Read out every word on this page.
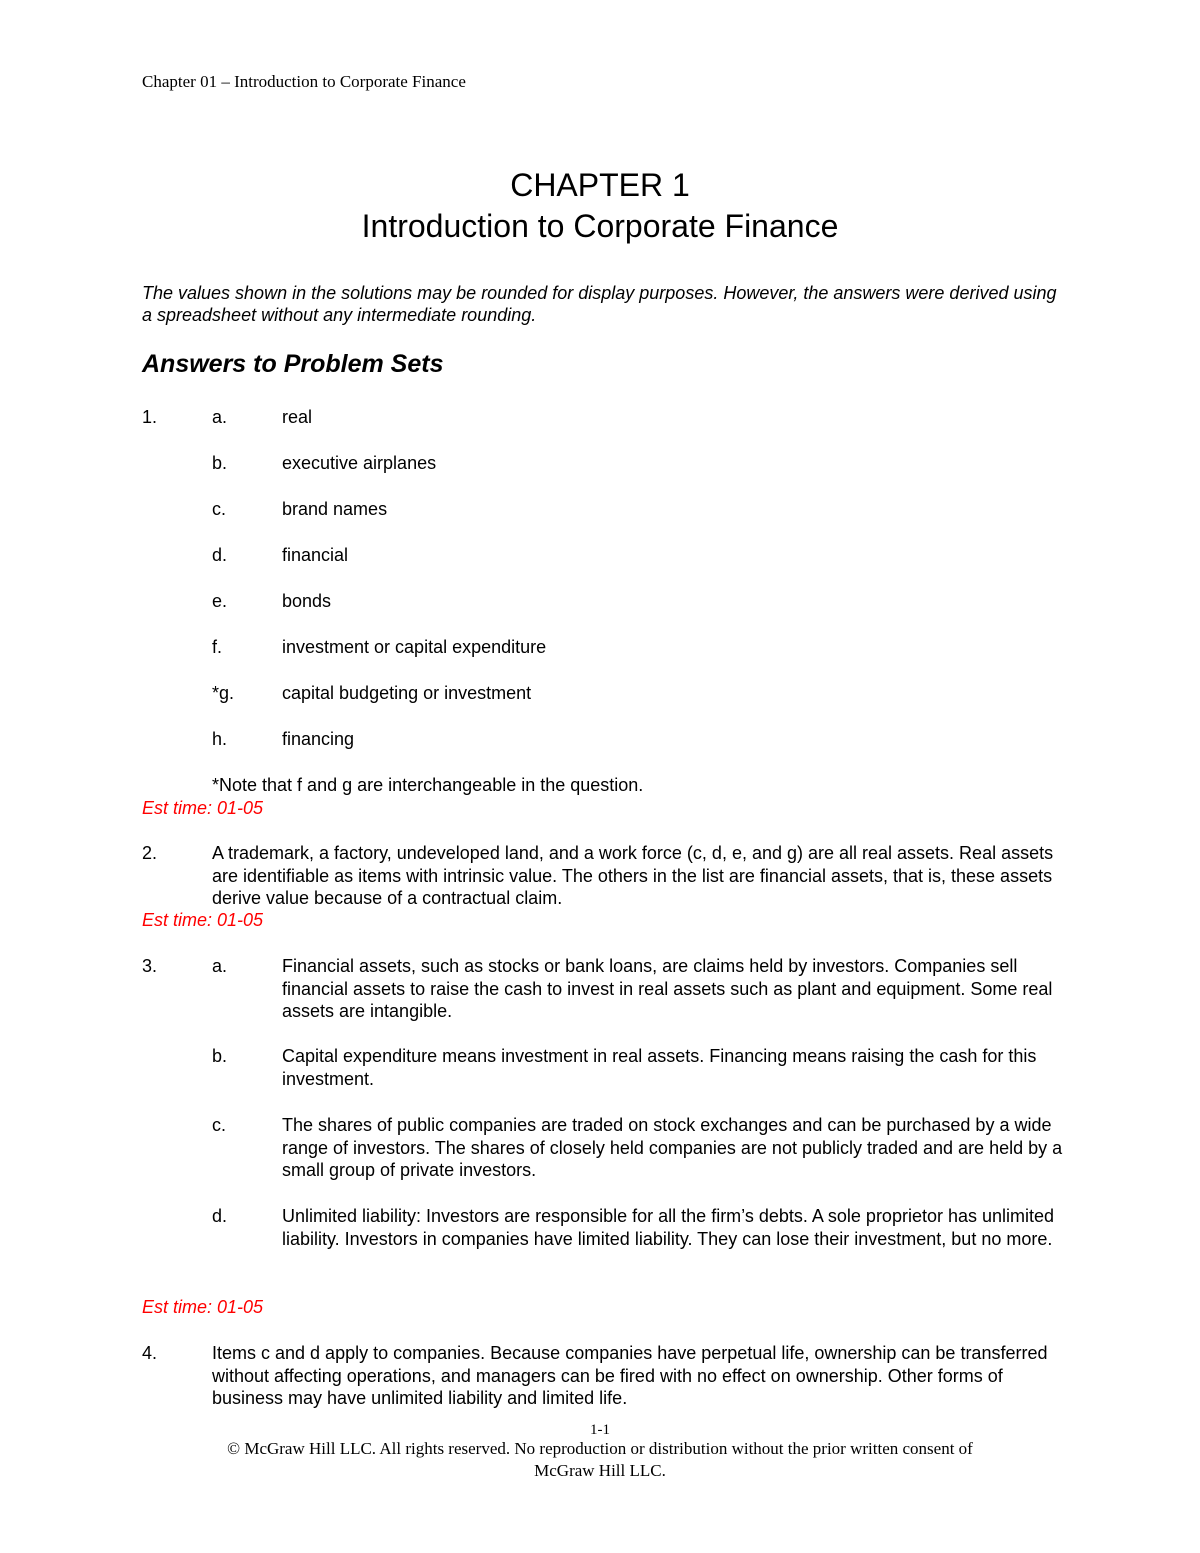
Chapter 01 – Introduction to Corporate Finance
CHAPTER 1
Introduction to Corporate Finance
The values shown in the solutions may be rounded for display purposes. However, the answers were derived using a spreadsheet without any intermediate rounding.
Answers to Problem Sets
1.	a.	real
b.	executive airplanes
c.	brand names
d.	financial
e.	bonds
f.	investment or capital expenditure
*g.	capital budgeting or investment
h.	financing
*Note that f and g are interchangeable in the question.
Est time: 01-05
2.	A trademark, a factory, undeveloped land, and a work force (c, d, e, and g) are all real assets. Real assets are identifiable as items with intrinsic value. The others in the list are financial assets, that is, these assets derive value because of a contractual claim.
Est time: 01-05
3.	a.	Financial assets, such as stocks or bank loans, are claims held by investors. Companies sell financial assets to raise the cash to invest in real assets such as plant and equipment. Some real assets are intangible.
b.	Capital expenditure means investment in real assets. Financing means raising the cash for this investment.
c.	The shares of public companies are traded on stock exchanges and can be purchased by a wide range of investors. The shares of closely held companies are not publicly traded and are held by a small group of private investors.
d.	Unlimited liability: Investors are responsible for all the firm’s debts. A sole proprietor has unlimited liability. Investors in companies have limited liability. They can lose their investment, but no more.
Est time: 01-05
4.	Items c and d apply to companies. Because companies have perpetual life, ownership can be transferred without affecting operations, and managers can be fired with no effect on ownership. Other forms of business may have unlimited liability and limited life.
1-1
© McGraw Hill LLC. All rights reserved. No reproduction or distribution without the prior written consent of
McGraw Hill LLC.
